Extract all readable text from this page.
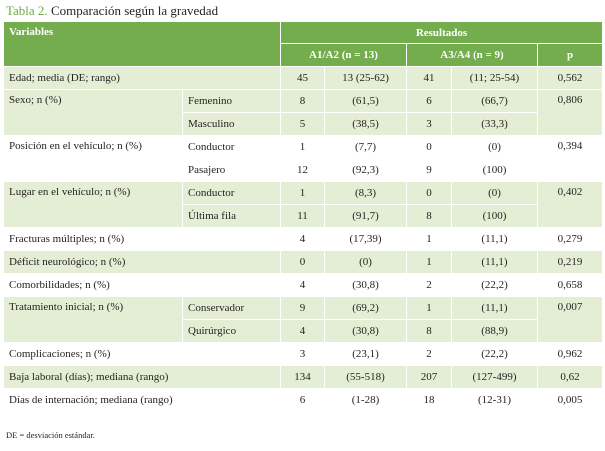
Tabla 2. Comparación según la gravedad
Variables		Resultados				
		A1/A2 (n = 13)		A3/A4 (n = 9)		p
Edad; media (DE; rango)		45	13 (25-62)	41	(11; 25-54)	0,562
Sexo; n (%)	Femenino	8	(61,5)	6	(66,7)	0,806
	Masculino	5	(38,5)	3	(33,3)	
Posición en el vehículo; n (%)	Conductor	1	(7,7)	0	(0)	0,394
	Pasajero	12	(92,3)	9	(100)	
Lugar en el vehículo; n (%)	Conductor	1	(8,3)	0	(0)	0,402
	Última fila	11	(91,7)	8	(100)	
Fracturas múltiples; n (%)		4	(17,39)	1	(11,1)	0,279
Déficit neurológico; n (%)		0	(0)	1	(11,1)	0,219
Comorbilidades; n (%)		4	(30,8)	2	(22,2)	0,658
Tratamiento inicial; n (%)	Conservador	9	(69,2)	1	(11,1)	0,007
	Quirúrgico	4	(30,8)	8	(88,9)	
Complicaciones; n (%)		3	(23,1)	2	(22,2)	0,962
Baja laboral (días); mediana (rango)		134	(55-518)	207	(127-499)	0,62
Días de internación; mediana (rango)		6	(1-28)	18	(12-31)	0,005
DE = desviación estándar.
